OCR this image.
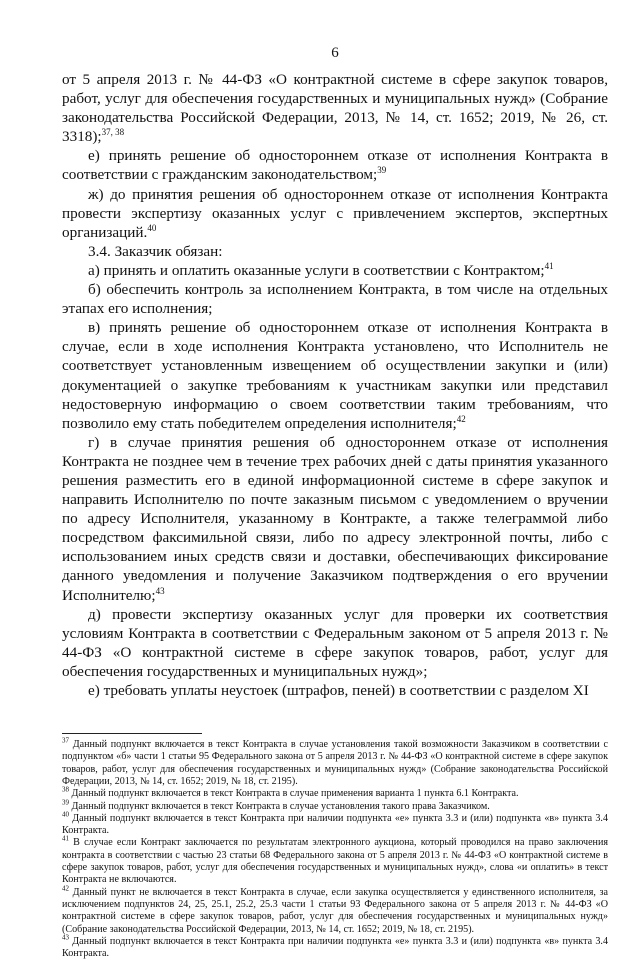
6

от 5 апреля 2013 г. № 44-ФЗ «О контрактной системе в сфере закупок товаров, работ, услуг для обеспечения государственных и муниципальных нужд» (Собрание законодательства Российской Федерации, 2013, № 14, ст. 1652; 2019, № 26, ст. 3318);$^{37, 38}$

е) принять решение об одностороннем отказе от исполнения Контракта в соответствии с гражданским законодательством;$^{39}$

ж) до принятия решения об одностороннем отказе от исполнения Контракта провести экспертизу оказанных услуг с привлечением экспертов, экспертных организаций.$^{40}$

3.4. Заказчик обязан:

а) принять и оплатить оказанные услуги в соответствии с Контрактом;$^{41}$

б) обеспечить контроль за исполнением Контракта, в том числе на отдельных этапах его исполнения;

в) принять решение об одностороннем отказе от исполнения Контракта в случае, если в ходе исполнения Контракта установлено, что Исполнитель не соответствует установленным извещением об осуществлении закупки и (или) документацией о закупке требованиям к участникам закупки или представил недостоверную информацию о своем соответствии таким требованиям, что позволило ему стать победителем определения исполнителя;$^{42}$

г) в случае принятия решения об одностороннем отказе от исполнения Контракта не позднее чем в течение трех рабочих дней с даты принятия указанного решения разместить его в единой информационной системе в сфере закупок и направить Исполнителю по почте заказным письмом с уведомлением о вручении по адресу Исполнителя, указанному в Контракте, а также телеграммой либо посредством факсимильной связи, либо по адресу электронной почты, либо с использованием иных средств связи и доставки, обеспечивающих фиксирование данного уведомления и получение Заказчиком подтверждения о его вручении Исполнителю;$^{43}$

д) провести экспертизу оказанных услуг для проверки их соответствия условиям Контракта в соответствии с Федеральным законом от 5 апреля 2013 г. № 44-ФЗ «О контрактной системе в сфере закупок товаров, работ, услуг для обеспечения государственных и муниципальных нужд»;

е) требовать уплаты неустоек (штрафов, пеней) в соответствии с разделом XI

$^{37}$ Данный подпункт включается в текст Контракта в случае установления такой возможности Заказчиком в соответствии с подпунктом «б» части 1 статьи 95 Федерального закона от 5 апреля 2013 г. № 44-ФЗ «О контрактной системе в сфере закупок товаров, работ, услуг для обеспечения государственных и муниципальных нужд» (Собрание законодательства Российской Федерации, 2013, № 14, ст. 1652; 2019, № 18, ст. 2195).

$^{38}$ Данный подпункт включается в текст Контракта в случае применения варианта 1 пункта 6.1 Контракта.

$^{39}$ Данный подпункт включается в текст Контракта в случае установления такого права Заказчиком.

$^{40}$ Данный подпункт включается в текст Контракта при наличии подпункта «е» пункта 3.3 и (или) подпункта «в» пункта 3.4 Контракта.

$^{41}$ В случае если Контракт заключается по результатам электронного аукциона, который проводился на право заключения контракта в соответствии с частью 23 статьи 68 Федерального закона от 5 апреля 2013 г. № 44-ФЗ «О контрактной системе в сфере закупок товаров, работ, услуг для обеспечения государственных и муниципальных нужд», слова «и оплатить» в текст Контракта не включаются.

$^{42}$ Данный пункт не включается в текст Контракта в случае, если закупка осуществляется у единственного исполнителя, за исключением подпунктов 24, 25, 25.1, 25.2, 25.3 части 1 статьи 93 Федерального закона от 5 апреля 2013 г. № 44-ФЗ «О контрактной системе в сфере закупок товаров, работ, услуг для обеспечения государственных и муниципальных нужд» (Собрание законодательства Российской Федерации, 2013, № 14, ст. 1652; 2019, № 18, ст. 2195).

$^{43}$ Данный подпункт включается в текст Контракта при наличии подпункта «е» пункта 3.3 и (или) подпункта «в» пункта 3.4 Контракта.
